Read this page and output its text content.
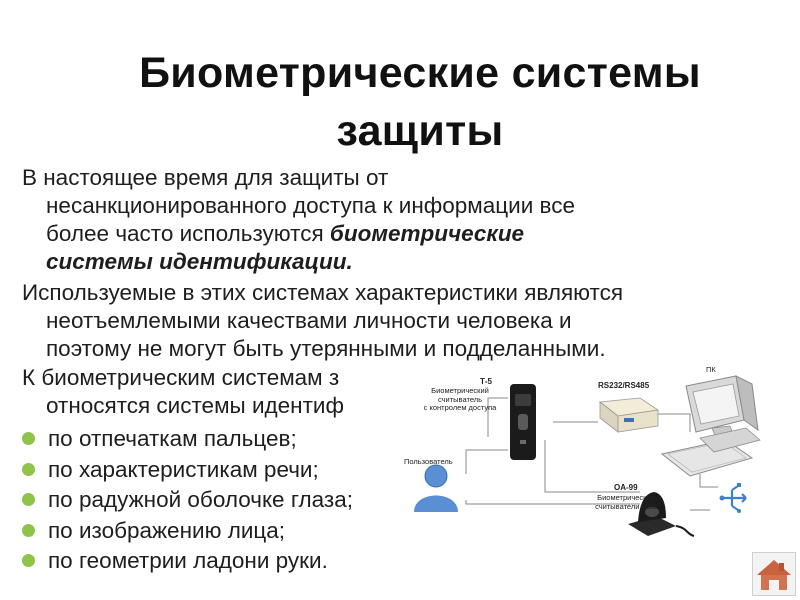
Биометрические системы
защиты
В настоящее время для защиты от
несанкционированного доступа к информации все
более часто используются биометрические
системы идентификации.
Используемые в этих системах характеристики являются
неотъемлемыми качествами личности человека и
поэтому не могут быть утерянными и подделанными.
К биометрическим системам з
относятся системы идентиф
по отпечаткам пальцев;
по характеристикам речи;
по радужной оболочке глаза;
по изображению лица;
по геометрии ладони руки.
Т-5
Биометрический
считыватель
с контролем доступа
RS232/RS485
ПК
Пользователь
OA-99
Биометрические
считыватели USB
